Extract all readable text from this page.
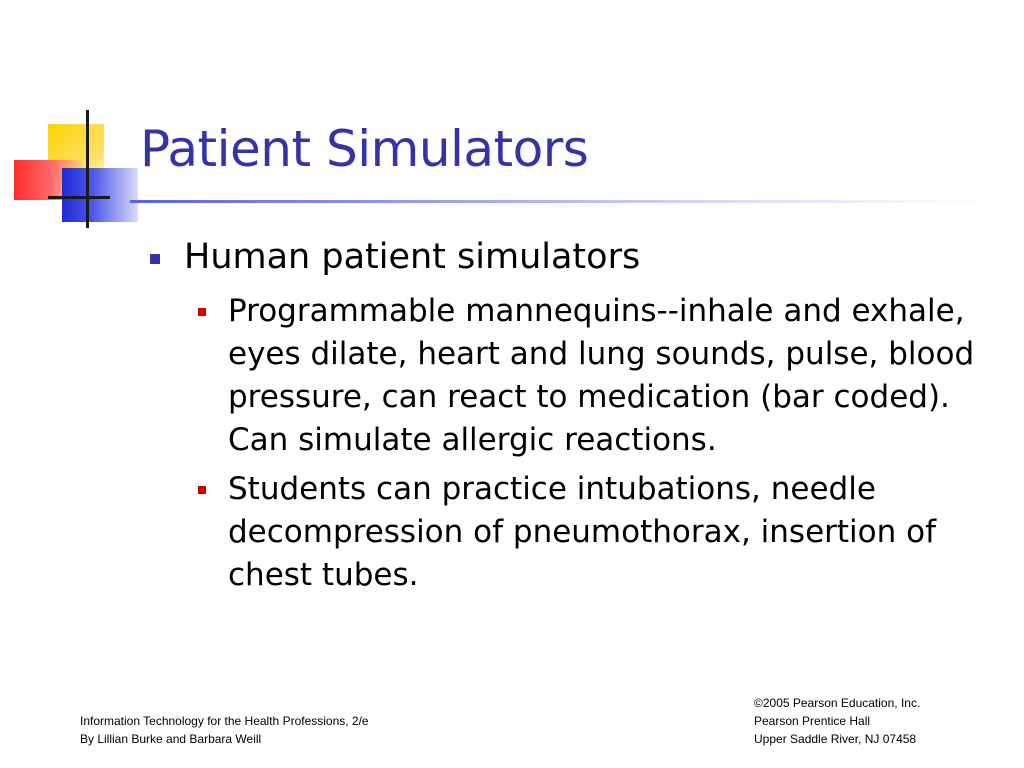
Patient Simulators
Human patient simulators
Programmable mannequins--inhale and exhale, eyes dilate, heart and lung sounds, pulse, blood pressure, can react to medication (bar coded). Can simulate allergic reactions.
Students can practice intubations, needle decompression of pneumothorax, insertion of chest tubes.
Information Technology for the Health Professions, 2/e
By Lillian Burke and Barbara Weill
©2005 Pearson Education, Inc.
Pearson Prentice Hall
Upper Saddle River, NJ 07458
